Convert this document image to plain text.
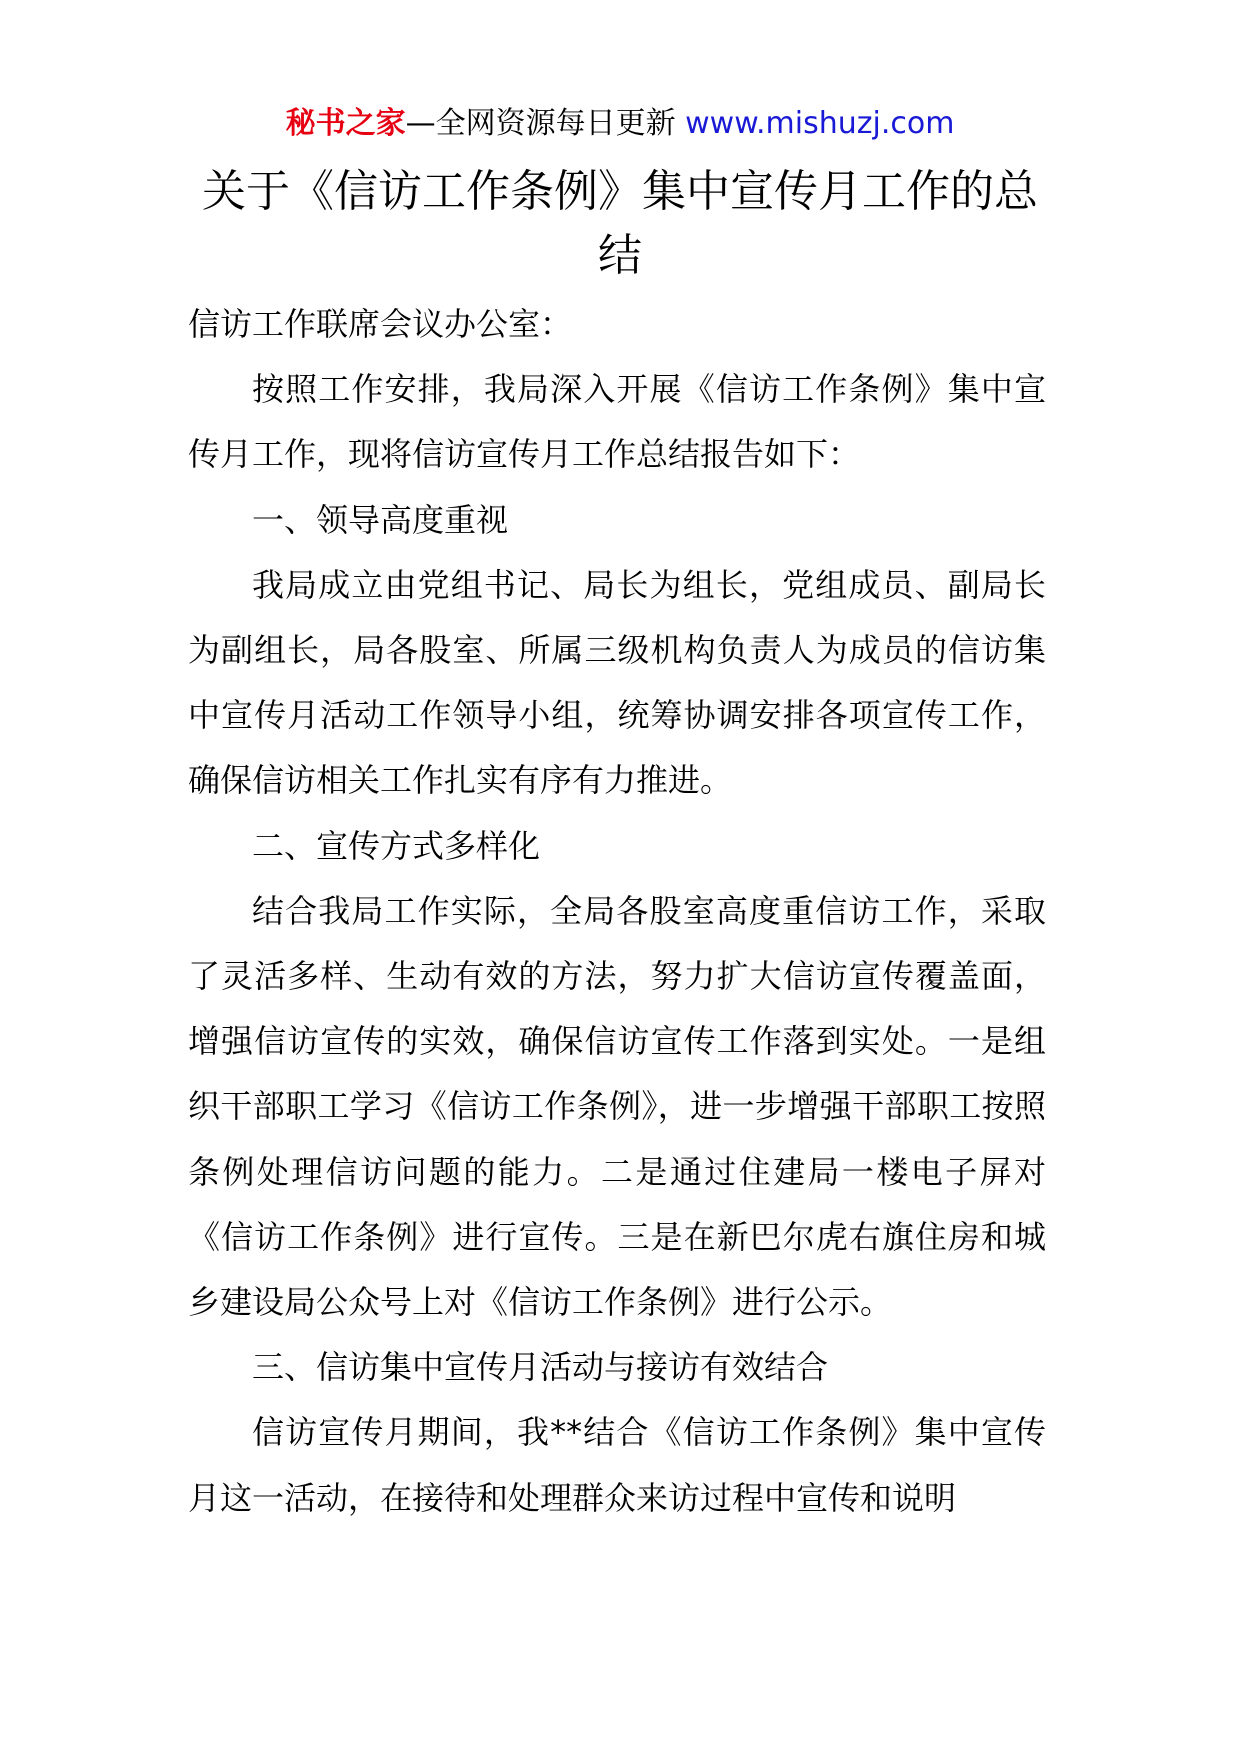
秘书之家—全网资源每日更新 www.mishuzj.com
关于《信访工作条例》集中宣传月工作的总结

信访工作联席会议办公室：

按照工作安排，我局深入开展《信访工作条例》集中宣传月工作，现将信访宣传月工作总结报告如下：

一、领导高度重视

我局成立由党组书记、局长为组长，党组成员、副局长为副组长，局各股室、所属三级机构负责人为成员的信访集中宣传月活动工作领导小组，统筹协调安排各项宣传工作，确保信访相关工作扎实有序有力推进。

二、宣传方式多样化

结合我局工作实际，全局各股室高度重信访工作，采取了灵活多样、生动有效的方法，努力扩大信访宣传覆盖面，增强信访宣传的实效，确保信访宣传工作落到实处。一是组织干部职工学习《信访工作条例》，进一步增强干部职工按照条例处理信访问题的能力。二是通过住建局一楼电子屏对《信访工作条例》进行宣传。三是在新巴尔虎右旗住房和城乡建设局公众号上对《信访工作条例》进行公示。

三、信访集中宣传月活动与接访有效结合

信访宣传月期间，我**结合《信访工作条例》集中宣传月这一活动，在接待和处理群众来访过程中宣传和说明
